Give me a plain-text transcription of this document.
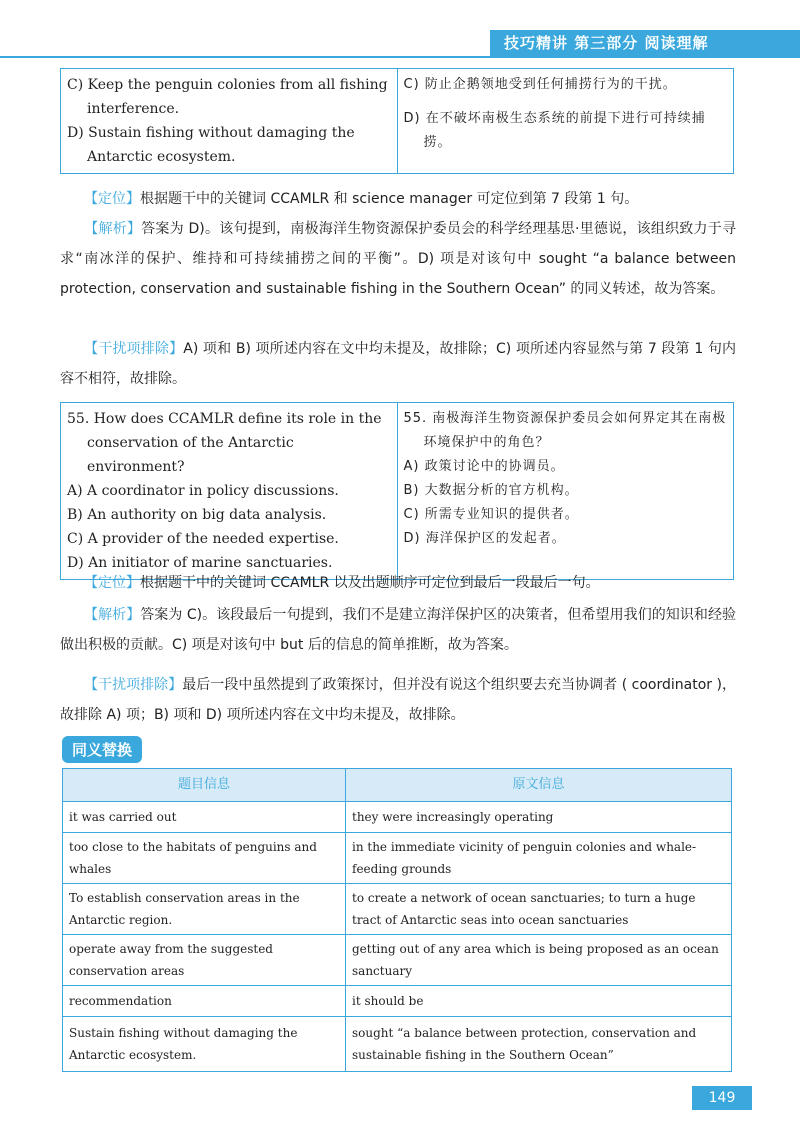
技巧精讲 第三部分 阅读理解
C) Keep the penguin colonies from all fishing interference.
D) Sustain fishing without damaging the Antarctic ecosystem.

C) 防止企鹅领地受到任何捕捞行为的干扰。
D) 在不破坏南极生态系统的前提下进行可持续捕捞。
【定位】根据题干中的关键词 CCAMLR 和 science manager 可定位到第 7 段第 1 句。
【解析】答案为 D)。该句提到，南极海洋生物资源保护委员会的科学经理基思·里德说，该组织致力于寻求“南冰洋的保护、维持和可持续捕捞之间的平衡”。D) 项是对该句中 sought “a balance between protection, conservation and sustainable fishing in the Southern Ocean” 的同义转述，故为答案。
【干扰项排除】A) 项和 B) 项所述内容在文中均未提及，故排除；C) 项所述内容显然与第 7 段第 1 句内容不相符，故排除。
55. How does CCAMLR define its role in the conservation of the Antarctic environment?
A) A coordinator in policy discussions.
B) An authority on big data analysis.
C) A provider of the needed expertise.
D) An initiator of marine sanctuaries.

55. 南极海洋生物资源保护委员会如何界定其在南极环境保护中的角色？
A) 政策讨论中的协调员。
B) 大数据分析的官方机构。
C) 所需专业知识的提供者。
D) 海洋保护区的发起者。
【定位】根据题干中的关键词 CCAMLR 以及出题顺序可定位到最后一段最后一句。
【解析】答案为 C)。该段最后一句提到，我们不是建立海洋保护区的决策者，但希望用我们的知识和经验做出积极的贡献。C) 项是对该句中 but 后的信息的简单推断，故为答案。
【干扰项排除】最后一段中虽然提到了政策探讨，但并没有说这个组织要去充当协调者 ( coordinator )，故排除 A) 项；B) 项和 D) 项所述内容在文中均未提及，故排除。
同义替换
题目信息	原文信息
it was carried out	they were increasingly operating
too close to the habitats of penguins and whales	in the immediate vicinity of penguin colonies and whale-feeding grounds
To establish conservation areas in the Antarctic region.	to create a network of ocean sanctuaries; to turn a huge tract of Antarctic seas into ocean sanctuaries
operate away from the suggested conservation areas	getting out of any area which is being proposed as an ocean sanctuary
recommendation	it should be
Sustain fishing without damaging the Antarctic ecosystem.	sought “a balance between protection, conservation and sustainable fishing in the Southern Ocean”
149
